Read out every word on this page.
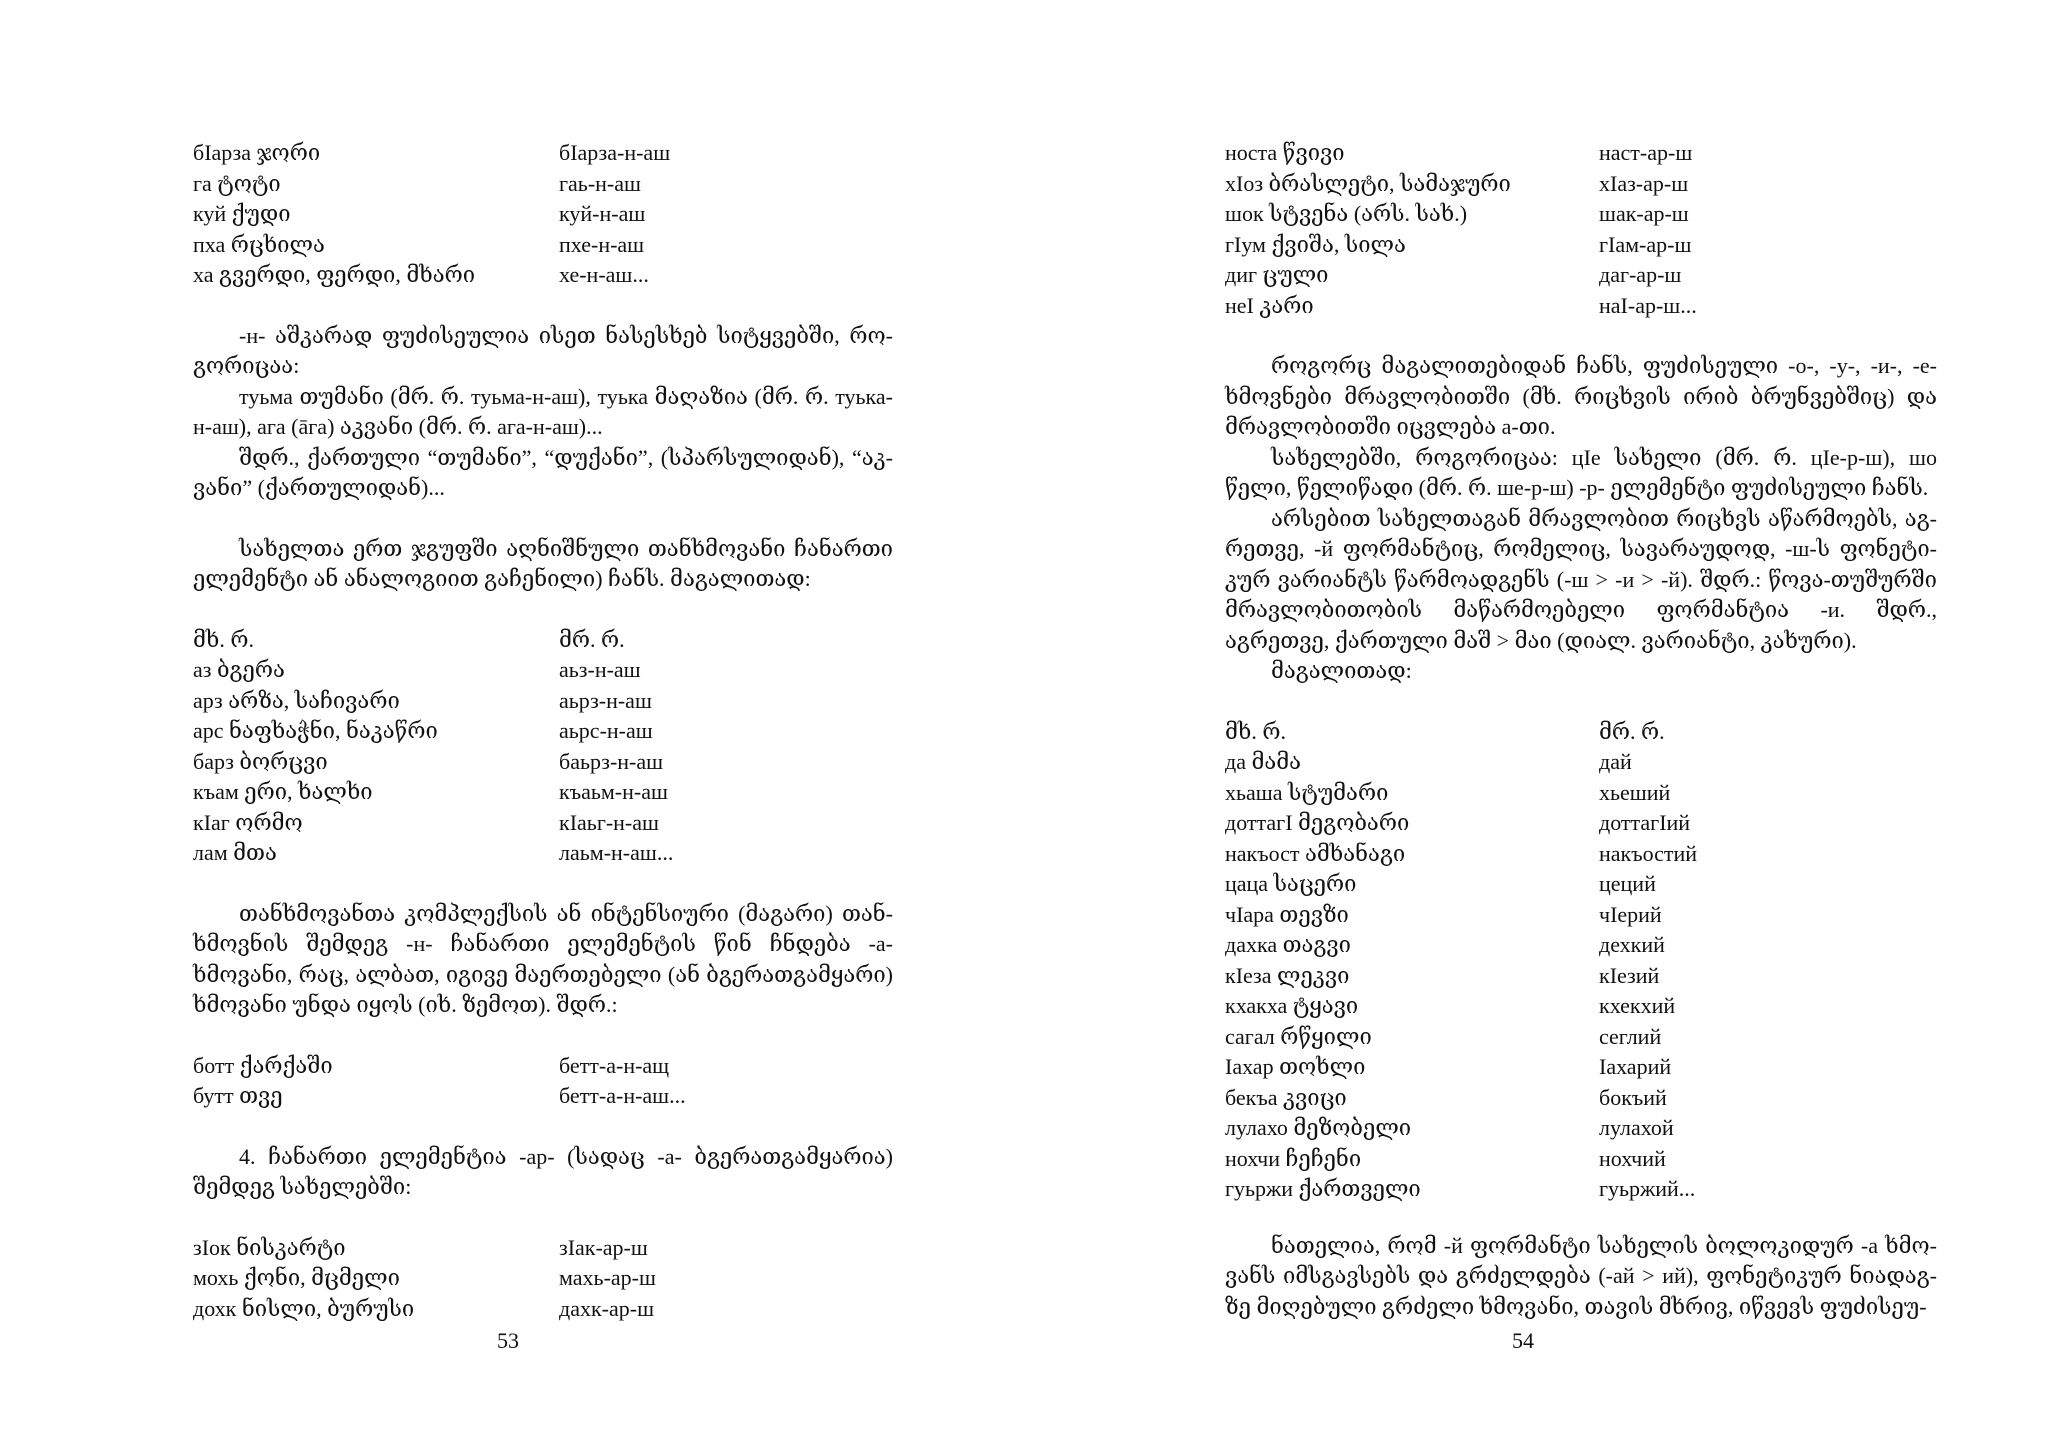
бIарза ჯორი	бIарза-н-аш
га ტოტი	гаь-н-аш
куй ქუდი	куй-н-аш
пха რცხილა	пхе-н-аш
ха გვერდი, ფერდი, მხარი	хе-н-аш...

-н- აშკარად ფუძისეულია ისეთ ნასესხებ სიტყვებში, რო- გორიცაა:

туьма თუმანი (მრ. რ. туьма-н-аш), туька მაღაზია (მრ. რ. туька-н-аш), ага (āга) აკვანი (მრ. რ. ага-н-аш)...

შდრ., ქართული “თუმანი”, “დუქანი”, (სპარსულიდან), “აკ- ვანი” (ქართულიდან)...

სახელთა ერთ ჯგუფში აღნიშნული თანხმოვანი ჩანართი ელემენტი ან ანალოგიით გაჩენილი) ჩანს. მაგალითად:

მხ. რ.	მრ. რ.
аз ბგერა	аьз-н-аш
арз არზა, საჩივარი	аьрз-н-аш
арс ნაფხაჭნი, ნაკაწრი	аьрс-н-аш
барз ბორცვი	баьрз-н-аш
къам ერი, ხალხი	къаьм-н-аш
кIаг ორმო	кIаьг-н-аш
лам მთა	лаьм-н-аш...

თანხმოვანთა კომპლექსის ან ინტენსიური (მაგარი) თან- ხმოვნის შემდეგ -н- ჩანართი ელემენტის წინ ჩნდება -а- ხმოვანი, რაც, ალბათ, იგივე მაერთებელი (ან ბგერათგამყარი) ხმოვანი უნდა იყოს (იხ. ზემოთ). შდრ.:

ботт ქარქაში	бетт-а-н-ащ
бутт თვე	бетт-а-н-аш...

4. ჩანართი ელემენტია -ар- (სადაც -а- ბგერათგამყარია) შემდეგ სახელებში:

зIок ნისკარტი	зIак-ар-ш
мохь ქონი, მცმელი	махь-ар-ш
дохк ნისლი, ბურუსი	дахк-ар-ш
53
ноcта წვივი	наст-ар-ш
хIоз ბრასლეტი, სამაჯური	хIаз-ар-ш
шок სტვენა (არს. სახ.)	шак-ар-ш
гIум ქვიშა, სილა	гIам-ар-ш
диг ცული	даг-ар-ш
неI კარი	наI-ар-ш...

როგორც მაგალითებიდან ჩანს, ფუძისეული -о-, -у-, -и-, -е- ხმოვნები მრავლობითში (მხ. რიცხვის ირიბ ბრუნვებშიც) და მრავლობითში იცვლება а-თი.

სახელებში, როგორიცაა: цIе სახელი (მრ. რ. цIе-р-ш), шо წელი, წელიწადი (მრ. რ. ше-р-ш) -р- ელემენტი ფუძისეული ჩანს.

არსებით სახელთაგან მრავლობით რიცხვს აწარმოებს, აგ- რეთვე, -й ფორმანტიც, რომელიც, სავარაუდოდ, -ш-ს ფონეტი- კურ ვარიანტს წარმოადგენს (-ш > -и > -й). შდრ.: წოვა-თუშურში მრავლობითობის მაწარმოებელი ფორმანტია -и. შდრ., აგრეთვე, ქართული მაშ > მაი (დიალ. ვარიანტი, კახური).

მაგალითად:

მხ. რ.	მრ. რ.
да მამა	дай
хьаша სტუმარი	хьеший
доттагI მეგობარი	доттагIий
накъост ამხანაგი	накъостий
цаца საცერი	цеций
чIара თევზი	чIерий
дахка თაგვი	дехкий
кIеза ლეკვი	кIезий
кхакха ტყავი	кхекхий
сагал რწყილი	сеглий
Iахар თოხლი	Iахарий
бекъа კვიცი	бокъий
лулахо მეზობელი	лулахой
нохчи ჩეჩენი	нохчий
гуьржи ქართველი	гуьржий...

ნათელია, რომ -й ფორმანტი სახელის ბოლოკიდურ -а ხმო- ვანს იმსგავსებს და გრძელდება (-ай > ий), ფონეტიკურ ნიადაგ- ზე მიღებული გრძელი ხმოვანი, თავის მხრივ, იწვევს ფუძისეუ-

54
